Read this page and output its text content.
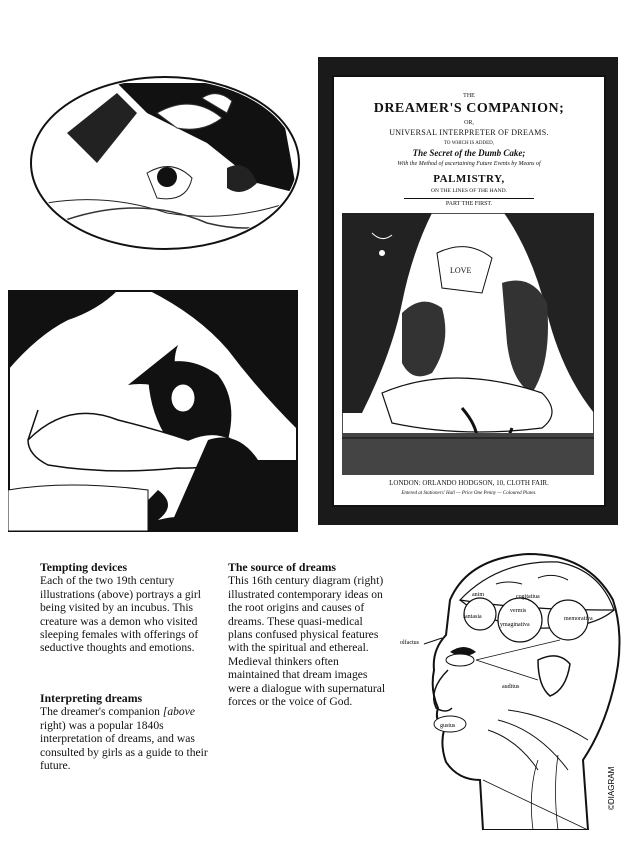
THE
DREAMER'S COMPANION;
OR,
UNIVERSAL INTERPRETER OF DREAMS.
TO WHICH IS ADDED,
The Secret of the Dumb Cake;
With the Method of ascertaining Future Events by Means of
PALMISTRY,
ON THE LINES OF THE HAND.
PART THE FIRST.
LOVE
LONDON: ORLANDO HODGSON, 10, CLOTH FAIR.
Entered at Stationers' Hall — Price One Penny — Coloured Plates.
Tempting devices

Each of the two 19th century illustrations (above) portrays a girl being visited by an incubus. This creature was a demon who visited sleeping females with offerings of seductive thoughts and emotions.

Interpreting dreams

The dreamer's companion [above right) was a popular 1840s interpretation of dreams, and was consulted by girls as a guide to their future.

The source of dreams

This 16th century diagram (right) illustrated contemporary ideas on the root origins and causes of dreams. These quasi-medical plans confused physical features with the spiritual and ethereal. Medieval thinkers often maintained that dream images were a dialogue with supernatural forces or the voice of God.

anim
fantasia
cogitatiua
vermis
ymaginativa
memorativa
olfactus
gustus
auditus
©DIAGRAM
